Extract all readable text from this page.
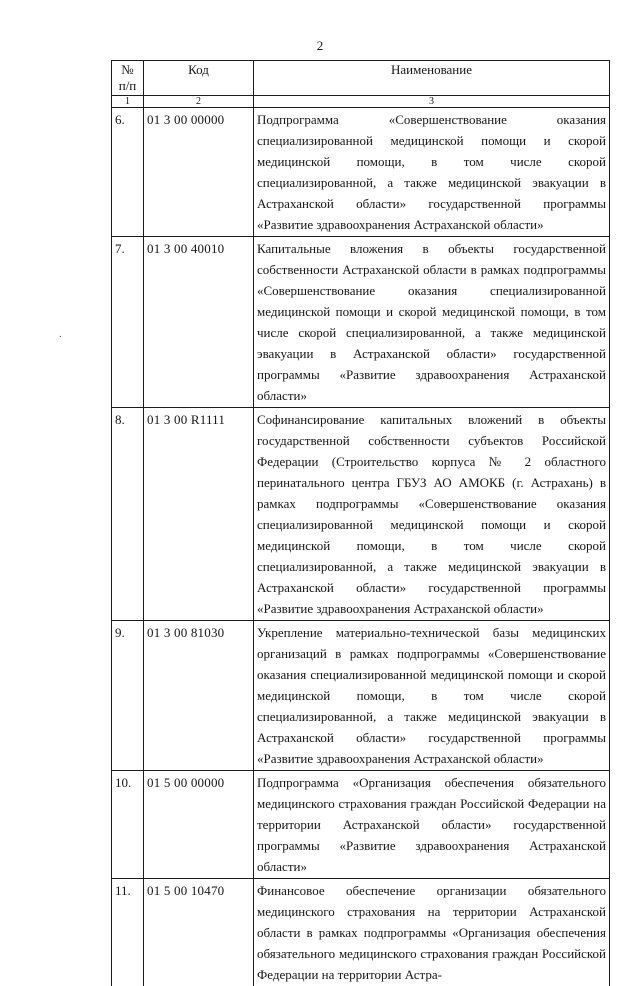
2
.
№ п/п	Код	Наименование
1	2	3
6.	01 3 00 00000	Подпрограмма «Совершенствование оказания специализированной медицинской помощи и скорой медицинской помощи, в том числе скорой специализированной, а также медицинской эвакуации в Астраханской области» государственной программы «Развитие здравоохранения Астраханской области»
7.	01 3 00 40010	Капитальные вложения в объекты государственной собственности Астраханской области в рамках подпрограммы «Совершенствование оказания специализированной медицинской помощи и скорой медицинской помощи, в том числе скорой специализированной, а также медицинской эвакуации в Астраханской области» государственной программы «Развитие здравоохранения Астраханской области»
8.	01 3 00 R1111	Софинансирование капитальных вложений в объекты государственной собственности субъектов Российской Федерации (Строительство корпуса № 2 областного перинатального центра ГБУЗ АО АМОКБ (г. Астрахань) в рамках подпрограммы «Совершенствование оказания специализированной медицинской помощи и скорой медицинской помощи, в том числе скорой специализированной, а также медицинской эвакуации в Астраханской области» государственной программы «Развитие здравоохранения Астраханской области»
9.	01 3 00 81030	Укрепление материально-технической базы медицинских организаций в рамках подпрограммы «Совершенствование оказания специализированной медицинской помощи и скорой медицинской помощи, в том числе скорой специализированной, а также медицинской эвакуации в Астраханской области» государственной программы «Развитие здравоохранения Астраханской области»
10.	01 5 00 00000	Подпрограмма «Организация обеспечения обязательного медицинского страхования граждан Российской Федерации на территории Астраханской области» государственной программы «Развитие здравоохранения Астраханской области»
11.	01 5 00 10470	Финансовое обеспечение организации обязательного медицинского страхования на территории Астраханской области в рамках подпрограммы «Организация обеспечения обязательного медицинского страхования граждан Российской Федерации на территории Астра-
